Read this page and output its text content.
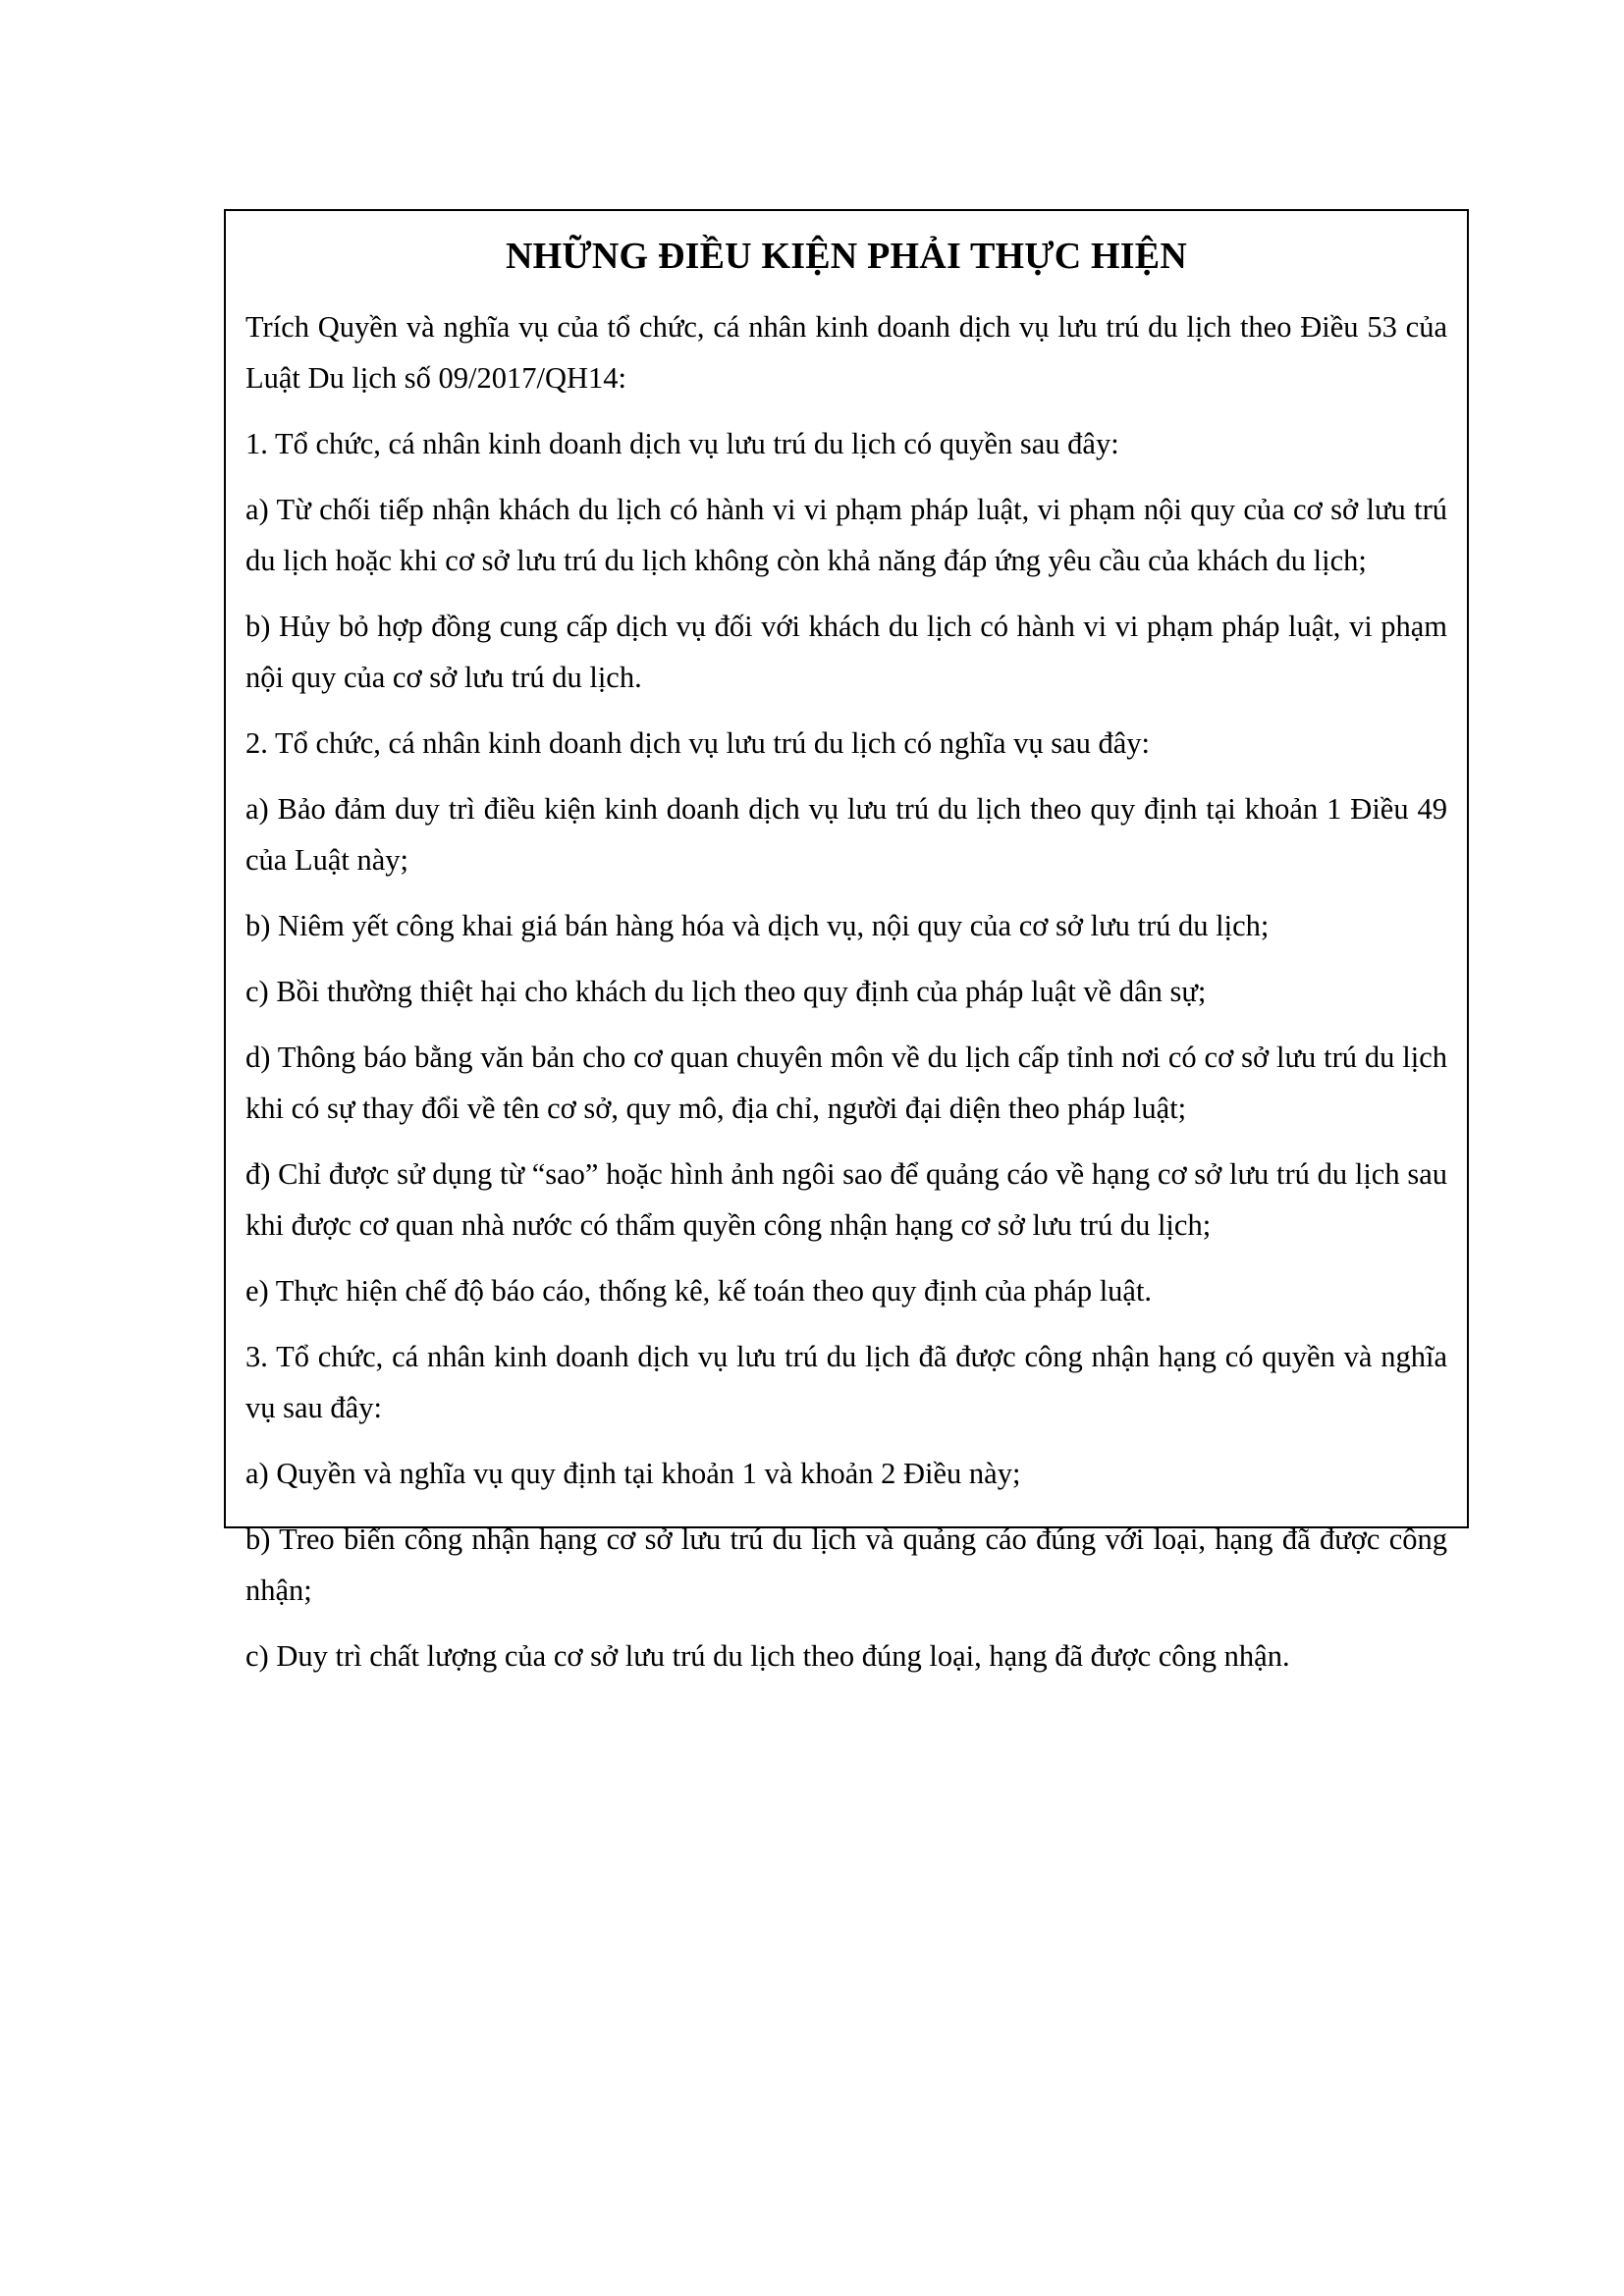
NHỮNG ĐIỀU KIỆN PHẢI THỰC HIỆN
Trích Quyền và nghĩa vụ của tổ chức, cá nhân kinh doanh dịch vụ lưu trú du lịch theo Điều 53 của Luật Du lịch số 09/2017/QH14:
1. Tổ chức, cá nhân kinh doanh dịch vụ lưu trú du lịch có quyền sau đây:
a) Từ chối tiếp nhận khách du lịch có hành vi vi phạm pháp luật, vi phạm nội quy của cơ sở lưu trú du lịch hoặc khi cơ sở lưu trú du lịch không còn khả năng đáp ứng yêu cầu của khách du lịch;
b) Hủy bỏ hợp đồng cung cấp dịch vụ đối với khách du lịch có hành vi vi phạm pháp luật, vi phạm nội quy của cơ sở lưu trú du lịch.
2. Tổ chức, cá nhân kinh doanh dịch vụ lưu trú du lịch có nghĩa vụ sau đây:
a) Bảo đảm duy trì điều kiện kinh doanh dịch vụ lưu trú du lịch theo quy định tại khoản 1 Điều 49 của Luật này;
b) Niêm yết công khai giá bán hàng hóa và dịch vụ, nội quy của cơ sở lưu trú du lịch;
c) Bồi thường thiệt hại cho khách du lịch theo quy định của pháp luật về dân sự;
d) Thông báo bằng văn bản cho cơ quan chuyên môn về du lịch cấp tỉnh nơi có cơ sở lưu trú du lịch khi có sự thay đổi về tên cơ sở, quy mô, địa chỉ, người đại diện theo pháp luật;
đ) Chỉ được sử dụng từ “sao” hoặc hình ảnh ngôi sao để quảng cáo về hạng cơ sở lưu trú du lịch sau khi được cơ quan nhà nước có thẩm quyền công nhận hạng cơ sở lưu trú du lịch;
e) Thực hiện chế độ báo cáo, thống kê, kế toán theo quy định của pháp luật.
3. Tổ chức, cá nhân kinh doanh dịch vụ lưu trú du lịch đã được công nhận hạng có quyền và nghĩa vụ sau đây:
a) Quyền và nghĩa vụ quy định tại khoản 1 và khoản 2 Điều này;
b) Treo biển công nhận hạng cơ sở lưu trú du lịch và quảng cáo đúng với loại, hạng đã được công nhận;
c) Duy trì chất lượng của cơ sở lưu trú du lịch theo đúng loại, hạng đã được công nhận.
